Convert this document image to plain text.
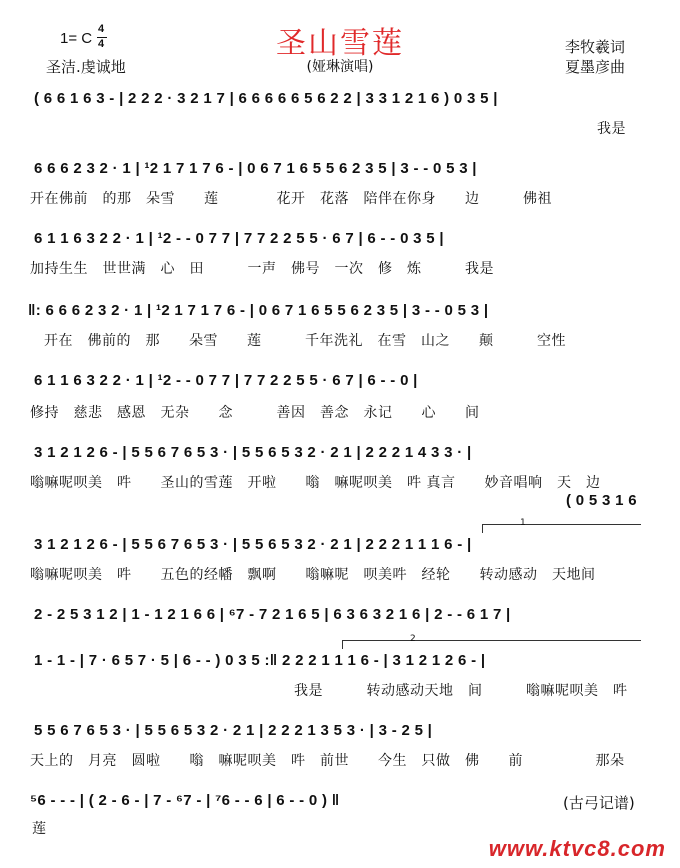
圣山雪莲
1= C
4
4
圣洁.虔诚地	(娅琳演唱)
李牧羲词
夏墨彦曲
( 6 6 1 6 3 - | 2 2 2 · 3 2 1 7 | 6 6 6 6 6 5 6 2 2 | 3 3 1 2 1 6 ) 0 3 5 |
我是
6 6 6 2 3 2 · 1 | ¹2 1 7 1 7 6 - | 0 6 7 1 6 5 5 6 2 3 5 | 3 - - 0 5 3 |
开在佛前　的那　朵雪　　莲　　　　花开　花落　陪伴在你身　　边　　　佛祖
6 1 1 6 3 2 2 · 1 | ¹2 - - 0 7 7 | 7 7 2 2 5 5 · 6 7 | 6 - - 0 3 5 |
加持生生　世世满　心　田　　　一声　佛号　一次　修　炼　　　我是
‖: 6 6 6 2 3 2 · 1 | ¹2 1 7 1 7 6 - | 0 6 7 1 6 5 5 6 2 3 5 | 3 - - 0 5 3 |
开在　佛前的　那　　朵雪　　莲　　　千年洗礼　在雪　山之　　颠　　　空性
6 1 1 6 3 2 2 · 1 | ¹2 - - 0 7 7 | 7 7 2 2 5 5 · 6 7 | 6 - - 0 |
修持　慈悲　感恩　无杂　　念　　　善因　善念　永记　　心　　间
3 1 2 1 2 6 - | 5 5 6 7 6 5 3 · | 5 5 6 5 3 2 · 2 1 | 2 2 2 1 4 3 3 · |
嗡嘛呢呗美　吽　　圣山的雪莲　开啦　　嗡　嘛呢呗美　吽 真言　　妙音唱响　天　边
( 0 5 3 1 6
1
3 1 2 1 2 6 - | 5 5 6 7 6 5 3 · | 5 5 6 5 3 2 · 2 1 | 2 2 2 1 1 1 6 - |
嗡嘛呢呗美　吽　　五色的经幡　飘啊　　嗡嘛呢　呗美吽　经轮　　转动感动　天地间
2 - 2 5 3 1 2 | 1 - 1 2 1 6 6 | ⁶7 - 7 2 1 6 5 | 6 3 6 3 2 1 6 | 2 - - 6 1 7 |
2
1 - 1 - | 7 · 6 5 7 · 5 | 6 - - ) 0 3 5 :‖ 2 2 2 1 1 1 6 - | 3 1 2 1 2 6 - |
我是　　　转动感动天地　间　　　嗡嘛呢呗美　吽
5 5 6 7 6 5 3 · | 5 5 6 5 3 2 · 2 1 | 2 2 2 1 3 5 3 · | 3 - 2 5 |
天上的　月亮　圆啦　　嗡　嘛呢呗美　吽　前世　　今生　只做　佛　　前　　　　　那朵
⁵6 - - - | ( 2 - 6 - | 7 - ⁶7 - | ⁷6 - - 6 | 6 - - 0 ) ‖
莲
(古弓记谱)
www.ktvc8.com
